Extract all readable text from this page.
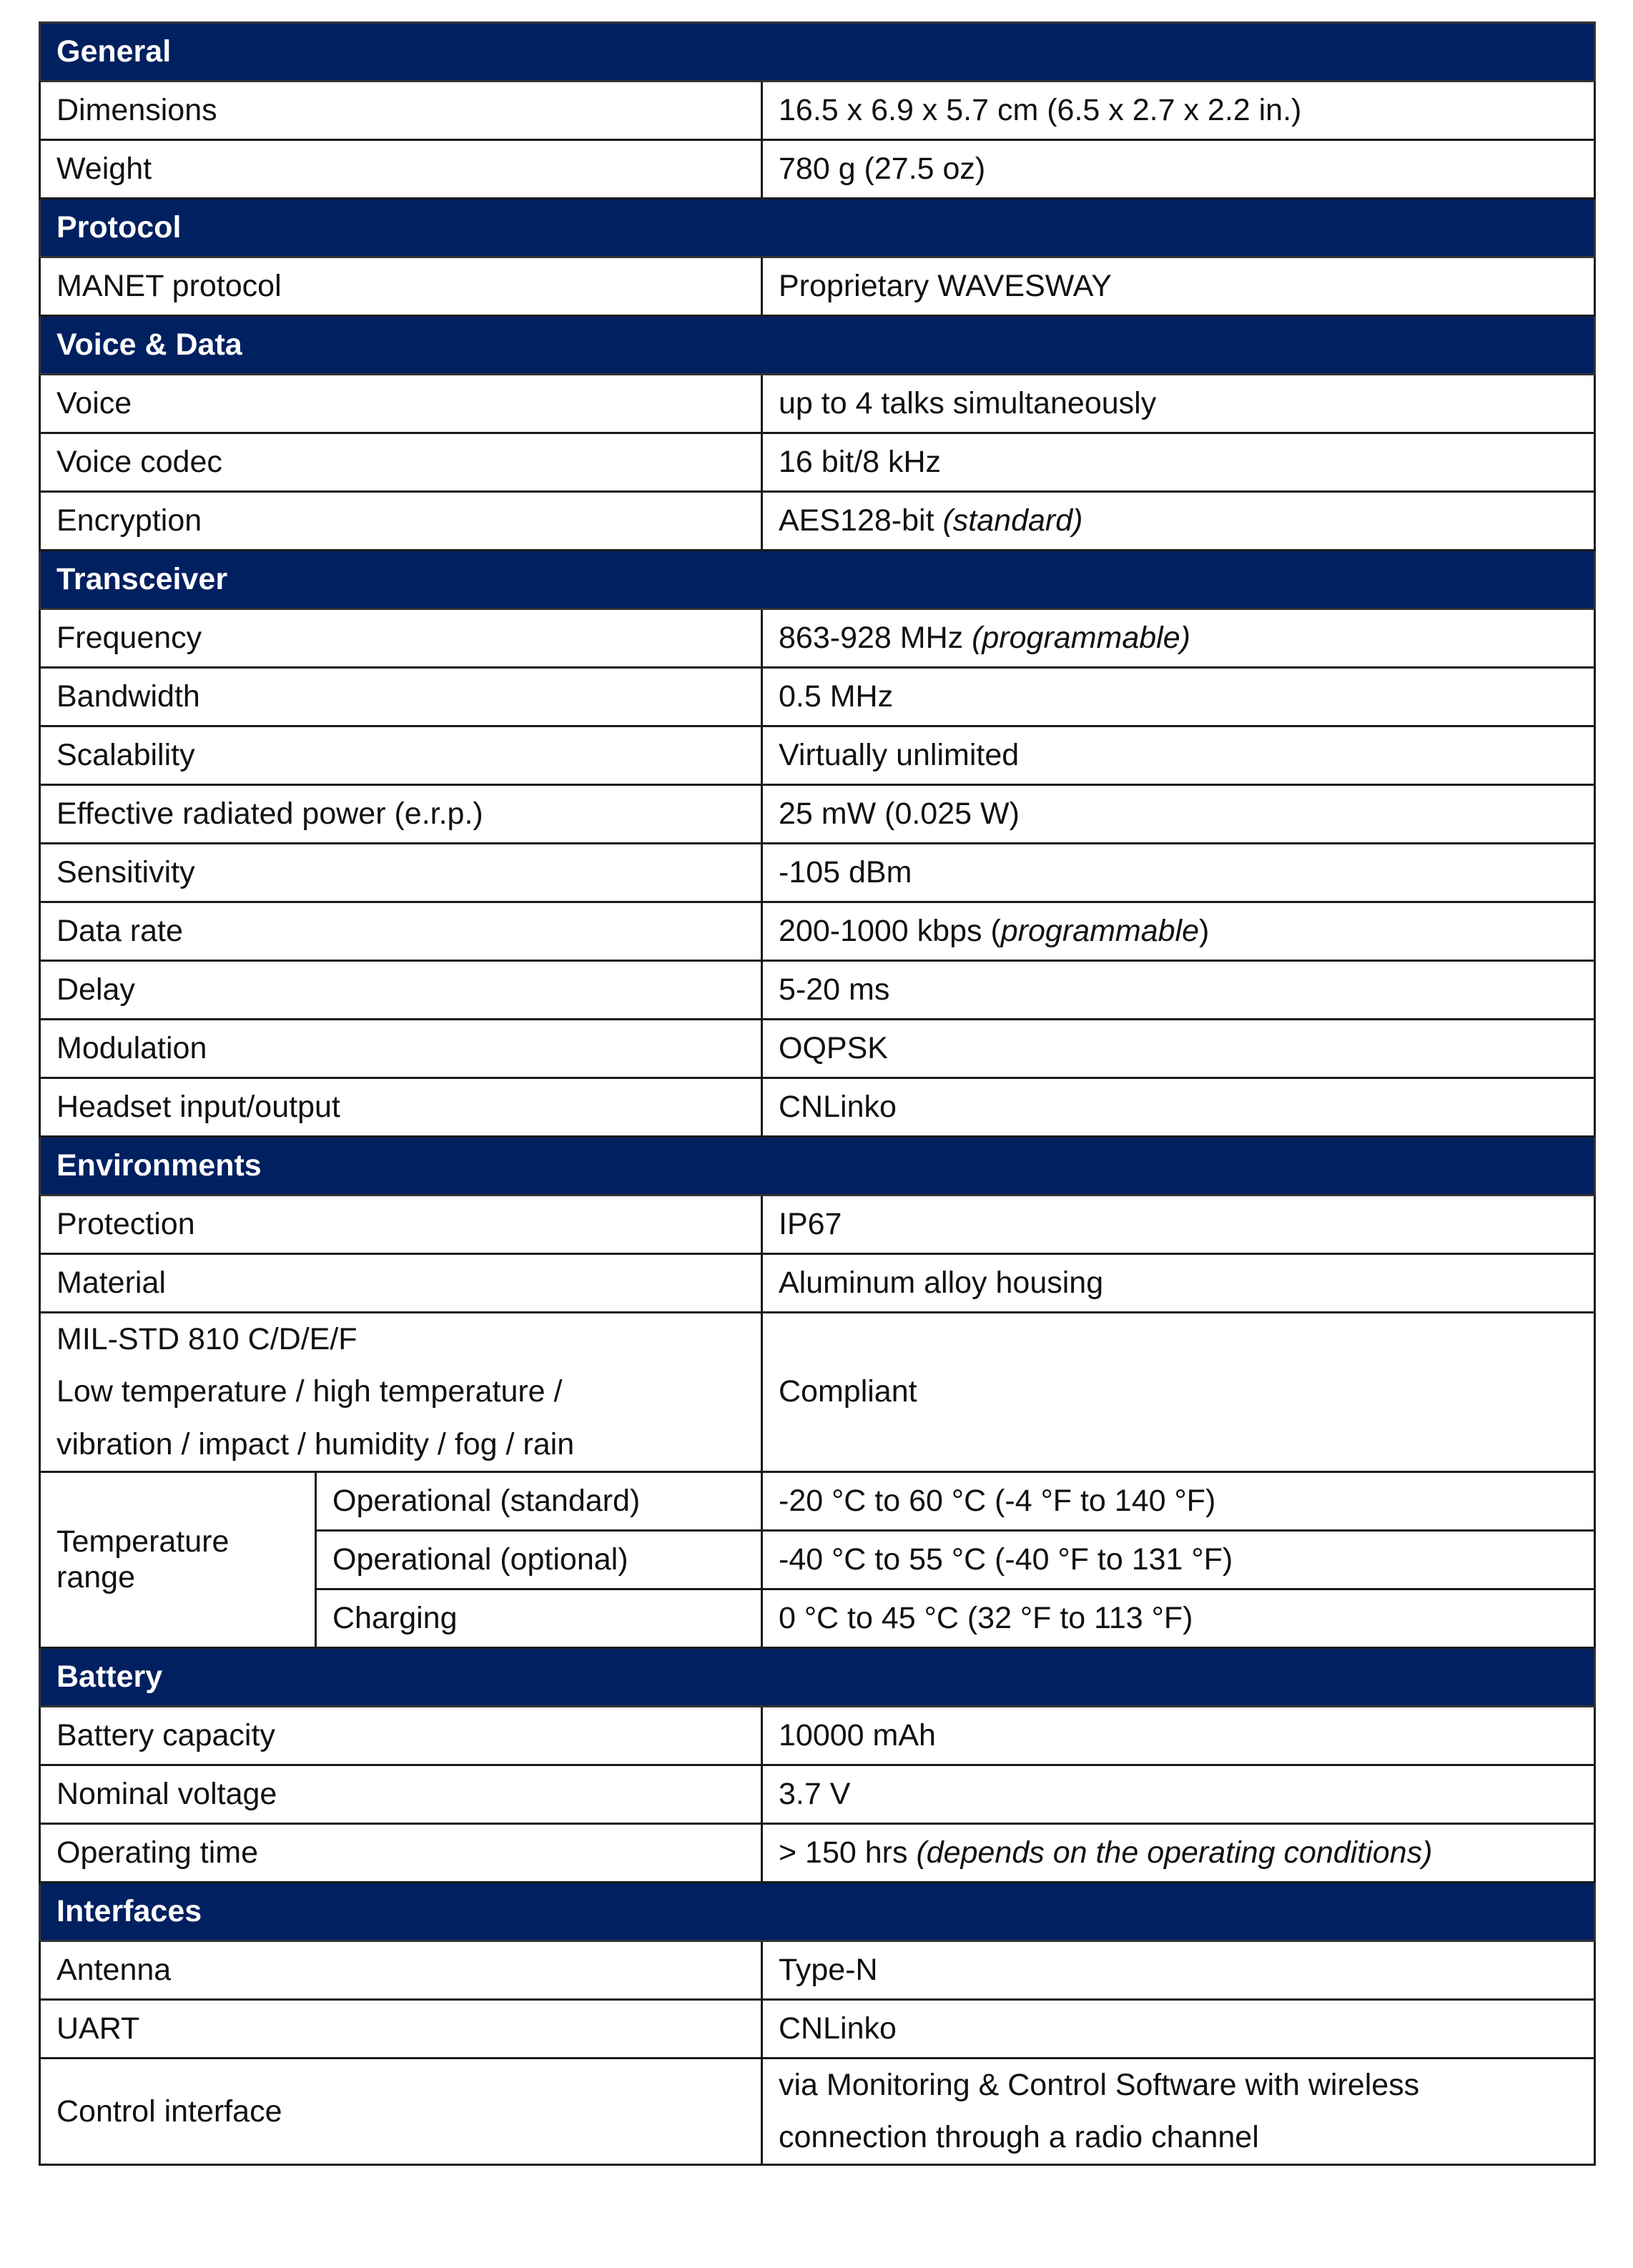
General		
Dimensions		16.5 x 6.9 x 5.7 cm (6.5 x 2.7 x 2.2 in.)
Weight		780 g (27.5 oz)
Protocol		
MANET protocol		Proprietary WAVESWAY
Voice & Data		
Voice		up to 4 talks simultaneously
Voice codec		16 bit/8 kHz
Encryption		AES128-bit (standard)
Transceiver		
Frequency		863-928 MHz (programmable)
Bandwidth		0.5 MHz
Scalability		Virtually unlimited
Effective radiated power (e.r.p.)		25 mW (0.025 W)
Sensitivity		-105 dBm
Data rate		200-1000 kbps (programmable)
Delay		5-20 ms
Modulation		OQPSK
Headset input/output		CNLinko
Environments		
Protection		IP67
Material		Aluminum alloy housing
MIL-STD 810 C/D/E/F
Low temperature / high temperature /
vibration / impact / humidity / fog / rain		Compliant
Temperature range	Operational (standard)	-20 °C to 60 °C (-4 °F to 140 °F)
	Operational (optional)	-40 °C to 55 °C (-40 °F to 131 °F)
	Charging	0 °C to 45 °C (32 °F to 113 °F)
Battery		
Battery capacity		10000 mAh
Nominal voltage		3.7 V
Operating time		> 150 hrs (depends on the operating conditions)
Interfaces		
Antenna		Type-N
UART		CNLinko
Control interface		via Monitoring & Control Software with wireless
connection through a radio channel
